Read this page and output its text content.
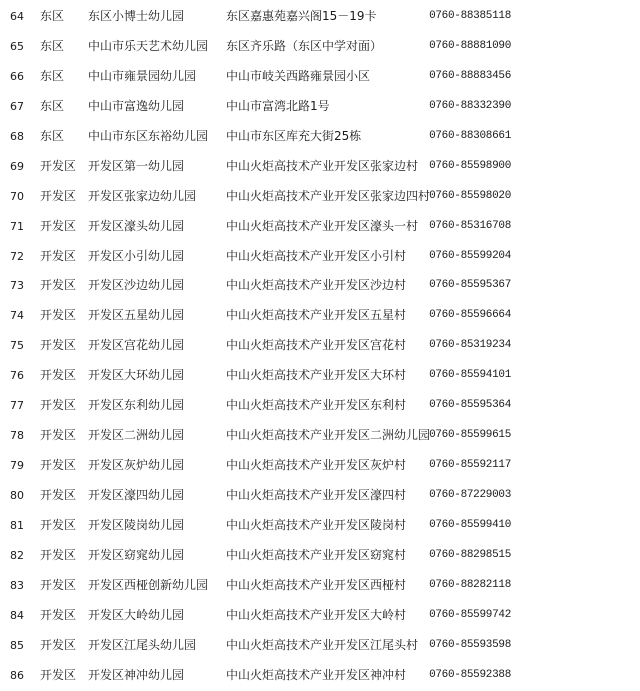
64 东区 东区小博士幼儿园	东区嘉惠苑嘉兴阁15－19卡	0760-88385118
65 东区 中山市乐天艺术幼儿园 东区齐乐路（东区中学对面）	0760-88881090
66 东区 中山市雍景园幼儿园 中山市岐关西路雍景园小区	0760-88883456
67 东区 中山市富逸幼儿园	中山市富湾北路1号	0760-88332390
68 东区 中山市东区东裕幼儿园 中山市东区库充大街25栋	0760-88308661
69 开发区 开发区第一幼儿园	中山火炬高技术产业开发区张家边村 0760-85598900
70 开发区 开发区张家边幼儿园 中山火炬高技术产业开发区张家边四村 0760-85598020
71 开发区 开发区濠头幼儿园	中山火炬高技术产业开发区濠头一村 0760-85316708
72 开发区 开发区小引幼儿园	中山火炬高技术产业开发区小引村 0760-85599204
73 开发区 开发区沙边幼儿园	中山火炬高技术产业开发区沙边村 0760-85595367
74 开发区 开发区五星幼儿园	中山火炬高技术产业开发区五星村 0760-85596664
75 开发区 开发区宫花幼儿园	中山火炬高技术产业开发区宫花村 0760-85319234
76 开发区 开发区大环幼儿园	中山火炬高技术产业开发区大环村 0760-85594101
77 开发区 开发区东利幼儿园	中山火炬高技术产业开发区东利村 0760-85595364
78 开发区 开发区二洲幼儿园	中山火炬高技术产业开发区二洲幼儿园 0760-85599615
79 开发区 开发区灰炉幼儿园	中山火炬高技术产业开发区灰炉村 0760-85592117
80 开发区 开发区濠四幼儿园	中山火炬高技术产业开发区濠四村 0760-87229003
81 开发区 开发区陵岗幼儿园	中山火炬高技术产业开发区陵岗村 0760-85599410
82 开发区 开发区窈窕幼儿园	中山火炬高技术产业开发区窈窕村 0760-88298515
83 开发区 开发区西桠创新幼儿园 中山火炬高技术产业开发区西桠村 0760-88282118
84 开发区 开发区大岭幼儿园	中山火炬高技术产业开发区大岭村 0760-85599742
85 开发区 开发区江尾头幼儿园 中山火炬高技术产业开发区江尾头村 0760-85593598
86 开发区 开发区神冲幼儿园	中山火炬高技术产业开发区神冲村 0760-85592388
